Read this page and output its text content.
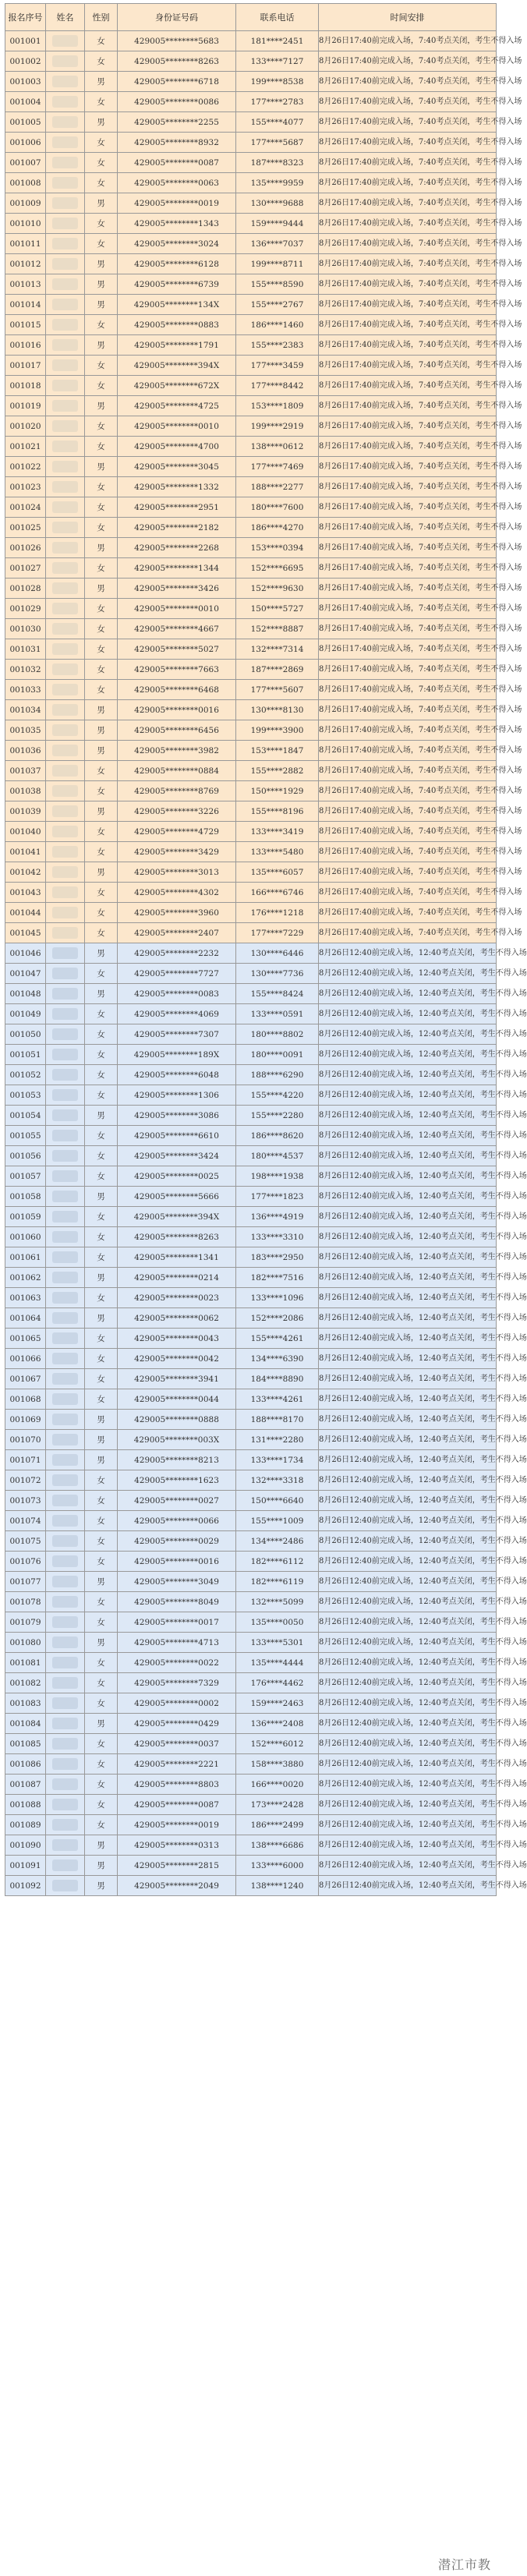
报名序号	姓名	性别	身份证号码	联系电话	时间安排
001001		女	429005********5683	181****2451	8月26日17:40前完成入场，7:40考点关闭，考生不得入场
001002		女	429005********8263	133****7127	8月26日17:40前完成入场，7:40考点关闭，考生不得入场
001003		男	429005********6718	199****8538	8月26日17:40前完成入场，7:40考点关闭，考生不得入场
001004		女	429005********0086	177****2783	8月26日17:40前完成入场，7:40考点关闭，考生不得入场
001005		男	429005********2255	155****4077	8月26日17:40前完成入场，7:40考点关闭，考生不得入场
001006		女	429005********8932	177****5687	8月26日17:40前完成入场，7:40考点关闭，考生不得入场
001007		女	429005********0087	187****8323	8月26日17:40前完成入场，7:40考点关闭，考生不得入场
001008		女	429005********0063	135****9959	8月26日17:40前完成入场，7:40考点关闭，考生不得入场
001009		男	429005********0019	130****9688	8月26日17:40前完成入场，7:40考点关闭，考生不得入场
001010		女	429005********1343	159****9444	8月26日17:40前完成入场，7:40考点关闭，考生不得入场
001011		女	429005********3024	136****7037	8月26日17:40前完成入场，7:40考点关闭，考生不得入场
001012		男	429005********6128	199****8711	8月26日17:40前完成入场，7:40考点关闭，考生不得入场
001013		男	429005********6739	155****8590	8月26日17:40前完成入场，7:40考点关闭，考生不得入场
001014		男	429005********134X	155****2767	8月26日17:40前完成入场，7:40考点关闭，考生不得入场
001015		女	429005********0883	186****1460	8月26日17:40前完成入场，7:40考点关闭，考生不得入场
001016		男	429005********1791	155****2383	8月26日17:40前完成入场，7:40考点关闭，考生不得入场
001017		女	429005********394X	177****3459	8月26日17:40前完成入场，7:40考点关闭，考生不得入场
001018		女	429005********672X	177****8442	8月26日17:40前完成入场，7:40考点关闭，考生不得入场
001019		男	429005********4725	153****1809	8月26日17:40前完成入场，7:40考点关闭，考生不得入场
001020		女	429005********0010	199****2919	8月26日17:40前完成入场，7:40考点关闭，考生不得入场
001021		女	429005********4700	138****0612	8月26日17:40前完成入场，7:40考点关闭，考生不得入场
001022		男	429005********3045	177****7469	8月26日17:40前完成入场，7:40考点关闭，考生不得入场
001023		女	429005********1332	188****2277	8月26日17:40前完成入场，7:40考点关闭，考生不得入场
001024		女	429005********2951	180****7600	8月26日17:40前完成入场，7:40考点关闭，考生不得入场
001025		女	429005********2182	186****4270	8月26日17:40前完成入场，7:40考点关闭，考生不得入场
001026		男	429005********2268	153****0394	8月26日17:40前完成入场，7:40考点关闭，考生不得入场
001027		女	429005********1344	152****6695	8月26日17:40前完成入场，7:40考点关闭，考生不得入场
001028		男	429005********3426	152****9630	8月26日17:40前完成入场，7:40考点关闭，考生不得入场
001029		女	429005********0010	150****5727	8月26日17:40前完成入场，7:40考点关闭，考生不得入场
001030		女	429005********4667	152****8887	8月26日17:40前完成入场，7:40考点关闭，考生不得入场
001031		女	429005********5027	132****7314	8月26日17:40前完成入场，7:40考点关闭，考生不得入场
001032		女	429005********7663	187****2869	8月26日17:40前完成入场，7:40考点关闭，考生不得入场
001033		女	429005********6468	177****5607	8月26日17:40前完成入场，7:40考点关闭，考生不得入场
001034		男	429005********0016	130****8130	8月26日17:40前完成入场，7:40考点关闭，考生不得入场
001035		男	429005********6456	199****3900	8月26日17:40前完成入场，7:40考点关闭，考生不得入场
001036		男	429005********3982	153****1847	8月26日17:40前完成入场，7:40考点关闭，考生不得入场
001037		女	429005********0884	155****2882	8月26日17:40前完成入场，7:40考点关闭，考生不得入场
001038		女	429005********8769	150****1929	8月26日17:40前完成入场，7:40考点关闭，考生不得入场
001039		男	429005********3226	155****8196	8月26日17:40前完成入场，7:40考点关闭，考生不得入场
001040		女	429005********4729	133****3419	8月26日17:40前完成入场，7:40考点关闭，考生不得入场
001041		女	429005********3429	133****5480	8月26日17:40前完成入场，7:40考点关闭，考生不得入场
001042		男	429005********3013	135****6057	8月26日17:40前完成入场，7:40考点关闭，考生不得入场
001043		女	429005********4302	166****6746	8月26日17:40前完成入场，7:40考点关闭，考生不得入场
001044		女	429005********3960	176****1218	8月26日17:40前完成入场，7:40考点关闭，考生不得入场
001045		女	429005********2407	177****7229	8月26日17:40前完成入场，7:40考点关闭，考生不得入场
001046		男	429005********2232	130****6446	8月26日12:40前完成入场，12:40考点关闭，考生不得入场
001047		女	429005********7727	130****7736	8月26日12:40前完成入场，12:40考点关闭，考生不得入场
001048		男	429005********0083	155****8424	8月26日12:40前完成入场，12:40考点关闭，考生不得入场
001049		女	429005********4069	133****0591	8月26日12:40前完成入场，12:40考点关闭，考生不得入场
001050		女	429005********7307	180****8802	8月26日12:40前完成入场，12:40考点关闭，考生不得入场
001051		女	429005********189X	180****0091	8月26日12:40前完成入场，12:40考点关闭，考生不得入场
001052		女	429005********6048	188****6290	8月26日12:40前完成入场，12:40考点关闭，考生不得入场
001053		女	429005********1306	155****4220	8月26日12:40前完成入场，12:40考点关闭，考生不得入场
001054		男	429005********3086	155****2280	8月26日12:40前完成入场，12:40考点关闭，考生不得入场
001055		女	429005********6610	186****8620	8月26日12:40前完成入场，12:40考点关闭，考生不得入场
001056		女	429005********3424	180****4537	8月26日12:40前完成入场，12:40考点关闭，考生不得入场
001057		女	429005********0025	198****1938	8月26日12:40前完成入场，12:40考点关闭，考生不得入场
001058		男	429005********5666	177****1823	8月26日12:40前完成入场，12:40考点关闭，考生不得入场
001059		女	429005********394X	136****4919	8月26日12:40前完成入场，12:40考点关闭，考生不得入场
001060		女	429005********8263	133****3310	8月26日12:40前完成入场，12:40考点关闭，考生不得入场
001061		女	429005********1341	183****2950	8月26日12:40前完成入场，12:40考点关闭，考生不得入场
001062		男	429005********0214	182****7516	8月26日12:40前完成入场，12:40考点关闭，考生不得入场
001063		女	429005********0023	133****1096	8月26日12:40前完成入场，12:40考点关闭，考生不得入场
001064		男	429005********0062	152****2086	8月26日12:40前完成入场，12:40考点关闭，考生不得入场
001065		女	429005********0043	155****4261	8月26日12:40前完成入场，12:40考点关闭，考生不得入场
001066		女	429005********0042	134****6390	8月26日12:40前完成入场，12:40考点关闭，考生不得入场
001067		女	429005********3941	184****8890	8月26日12:40前完成入场，12:40考点关闭，考生不得入场
001068		女	429005********0044	133****4261	8月26日12:40前完成入场，12:40考点关闭，考生不得入场
001069		男	429005********0888	188****8170	8月26日12:40前完成入场，12:40考点关闭，考生不得入场
001070		男	429005********003X	131****2280	8月26日12:40前完成入场，12:40考点关闭，考生不得入场
001071		男	429005********8213	133****1734	8月26日12:40前完成入场，12:40考点关闭，考生不得入场
001072		女	429005********1623	132****3318	8月26日12:40前完成入场，12:40考点关闭，考生不得入场
001073		女	429005********0027	150****6640	8月26日12:40前完成入场，12:40考点关闭，考生不得入场
001074		女	429005********0066	155****1009	8月26日12:40前完成入场，12:40考点关闭，考生不得入场
001075		女	429005********0029	134****2486	8月26日12:40前完成入场，12:40考点关闭，考生不得入场
001076		女	429005********0016	182****6112	8月26日12:40前完成入场，12:40考点关闭，考生不得入场
001077		男	429005********3049	182****6119	8月26日12:40前完成入场，12:40考点关闭，考生不得入场
001078		女	429005********8049	132****5099	8月26日12:40前完成入场，12:40考点关闭，考生不得入场
001079		女	429005********0017	135****0050	8月26日12:40前完成入场，12:40考点关闭，考生不得入场
001080		男	429005********4713	133****5301	8月26日12:40前完成入场，12:40考点关闭，考生不得入场
001081		女	429005********0022	135****4444	8月26日12:40前完成入场，12:40考点关闭，考生不得入场
001082		女	429005********7329	176****4462	8月26日12:40前完成入场，12:40考点关闭，考生不得入场
001083		女	429005********0002	159****2463	8月26日12:40前完成入场，12:40考点关闭，考生不得入场
001084		男	429005********0429	136****2408	8月26日12:40前完成入场，12:40考点关闭，考生不得入场
001085		女	429005********0037	152****6012	8月26日12:40前完成入场，12:40考点关闭，考生不得入场
001086		女	429005********2221	158****3880	8月26日12:40前完成入场，12:40考点关闭，考生不得入场
001087		女	429005********8803	166****0020	8月26日12:40前完成入场，12:40考点关闭，考生不得入场
001088		女	429005********0087	173****2428	8月26日12:40前完成入场，12:40考点关闭，考生不得入场
001089		女	429005********0019	186****2499	8月26日12:40前完成入场，12:40考点关闭，考生不得入场
001090		男	429005********0313	138****6686	8月26日12:40前完成入场，12:40考点关闭，考生不得入场
001091		男	429005********2815	133****6000	8月26日12:40前完成入场，12:40考点关闭，考生不得入场
001092		男	429005********2049	138****1240	8月26日12:40前完成入场，12:40考点关闭，考生不得入场
潜江市教
